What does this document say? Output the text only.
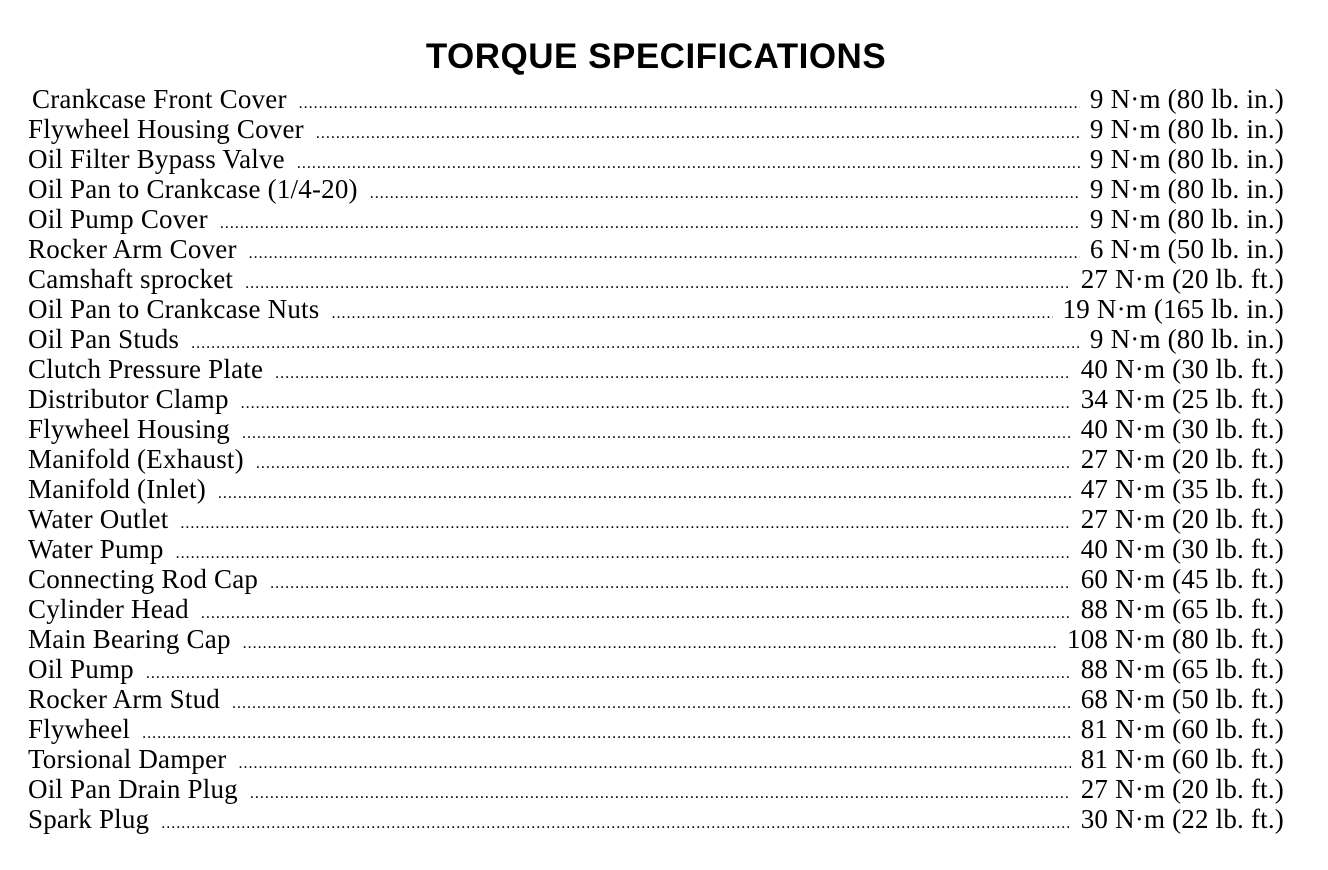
TORQUE SPECIFICATIONS
Crankcase Front Cover .....	9 N·m (80 lb. in.)
Flywheel Housing Cover .....	9 N·m (80 lb. in.)
Oil Filter Bypass Valve .....	9 N·m (80 lb. in.)
Oil Pan to Crankcase (1/4-20) .....	9 N·m (80 lb. in.)
Oil Pump Cover .....	9 N·m (80 lb. in.)
Rocker Arm Cover .....	6 N·m (50 lb. in.)
Camshaft sprocket .....	27 N·m (20 lb. ft.)
Oil Pan to Crankcase Nuts .....	19 N·m (165 lb. in.)
Oil Pan Studs .....	9 N·m (80 lb. in.)
Clutch Pressure Plate .....	40 N·m (30 lb. ft.)
Distributor Clamp .....	34 N·m (25 lb. ft.)
Flywheel Housing .....	40 N·m (30 lb. ft.)
Manifold (Exhaust) .....	27 N·m (20 lb. ft.)
Manifold (Inlet) .....	47 N·m (35 lb. ft.)
Water Outlet .....	27 N·m (20 lb. ft.)
Water Pump .....	40 N·m (30 lb. ft.)
Connecting Rod Cap .....	60 N·m (45 lb. ft.)
Cylinder Head .....	88 N·m (65 lb. ft.)
Main Bearing Cap .....	108 N·m (80 lb. ft.)
Oil Pump .....	88 N·m (65 lb. ft.)
Rocker Arm Stud .....	68 N·m (50 lb. ft.)
Flywheel .....	81 N·m (60 lb. ft.)
Torsional Damper .....	81 N·m (60 lb. ft.)
Oil Pan Drain Plug .....	27 N·m (20 lb. ft.)
Spark Plug .....	30 N·m (22 lb. ft.)
